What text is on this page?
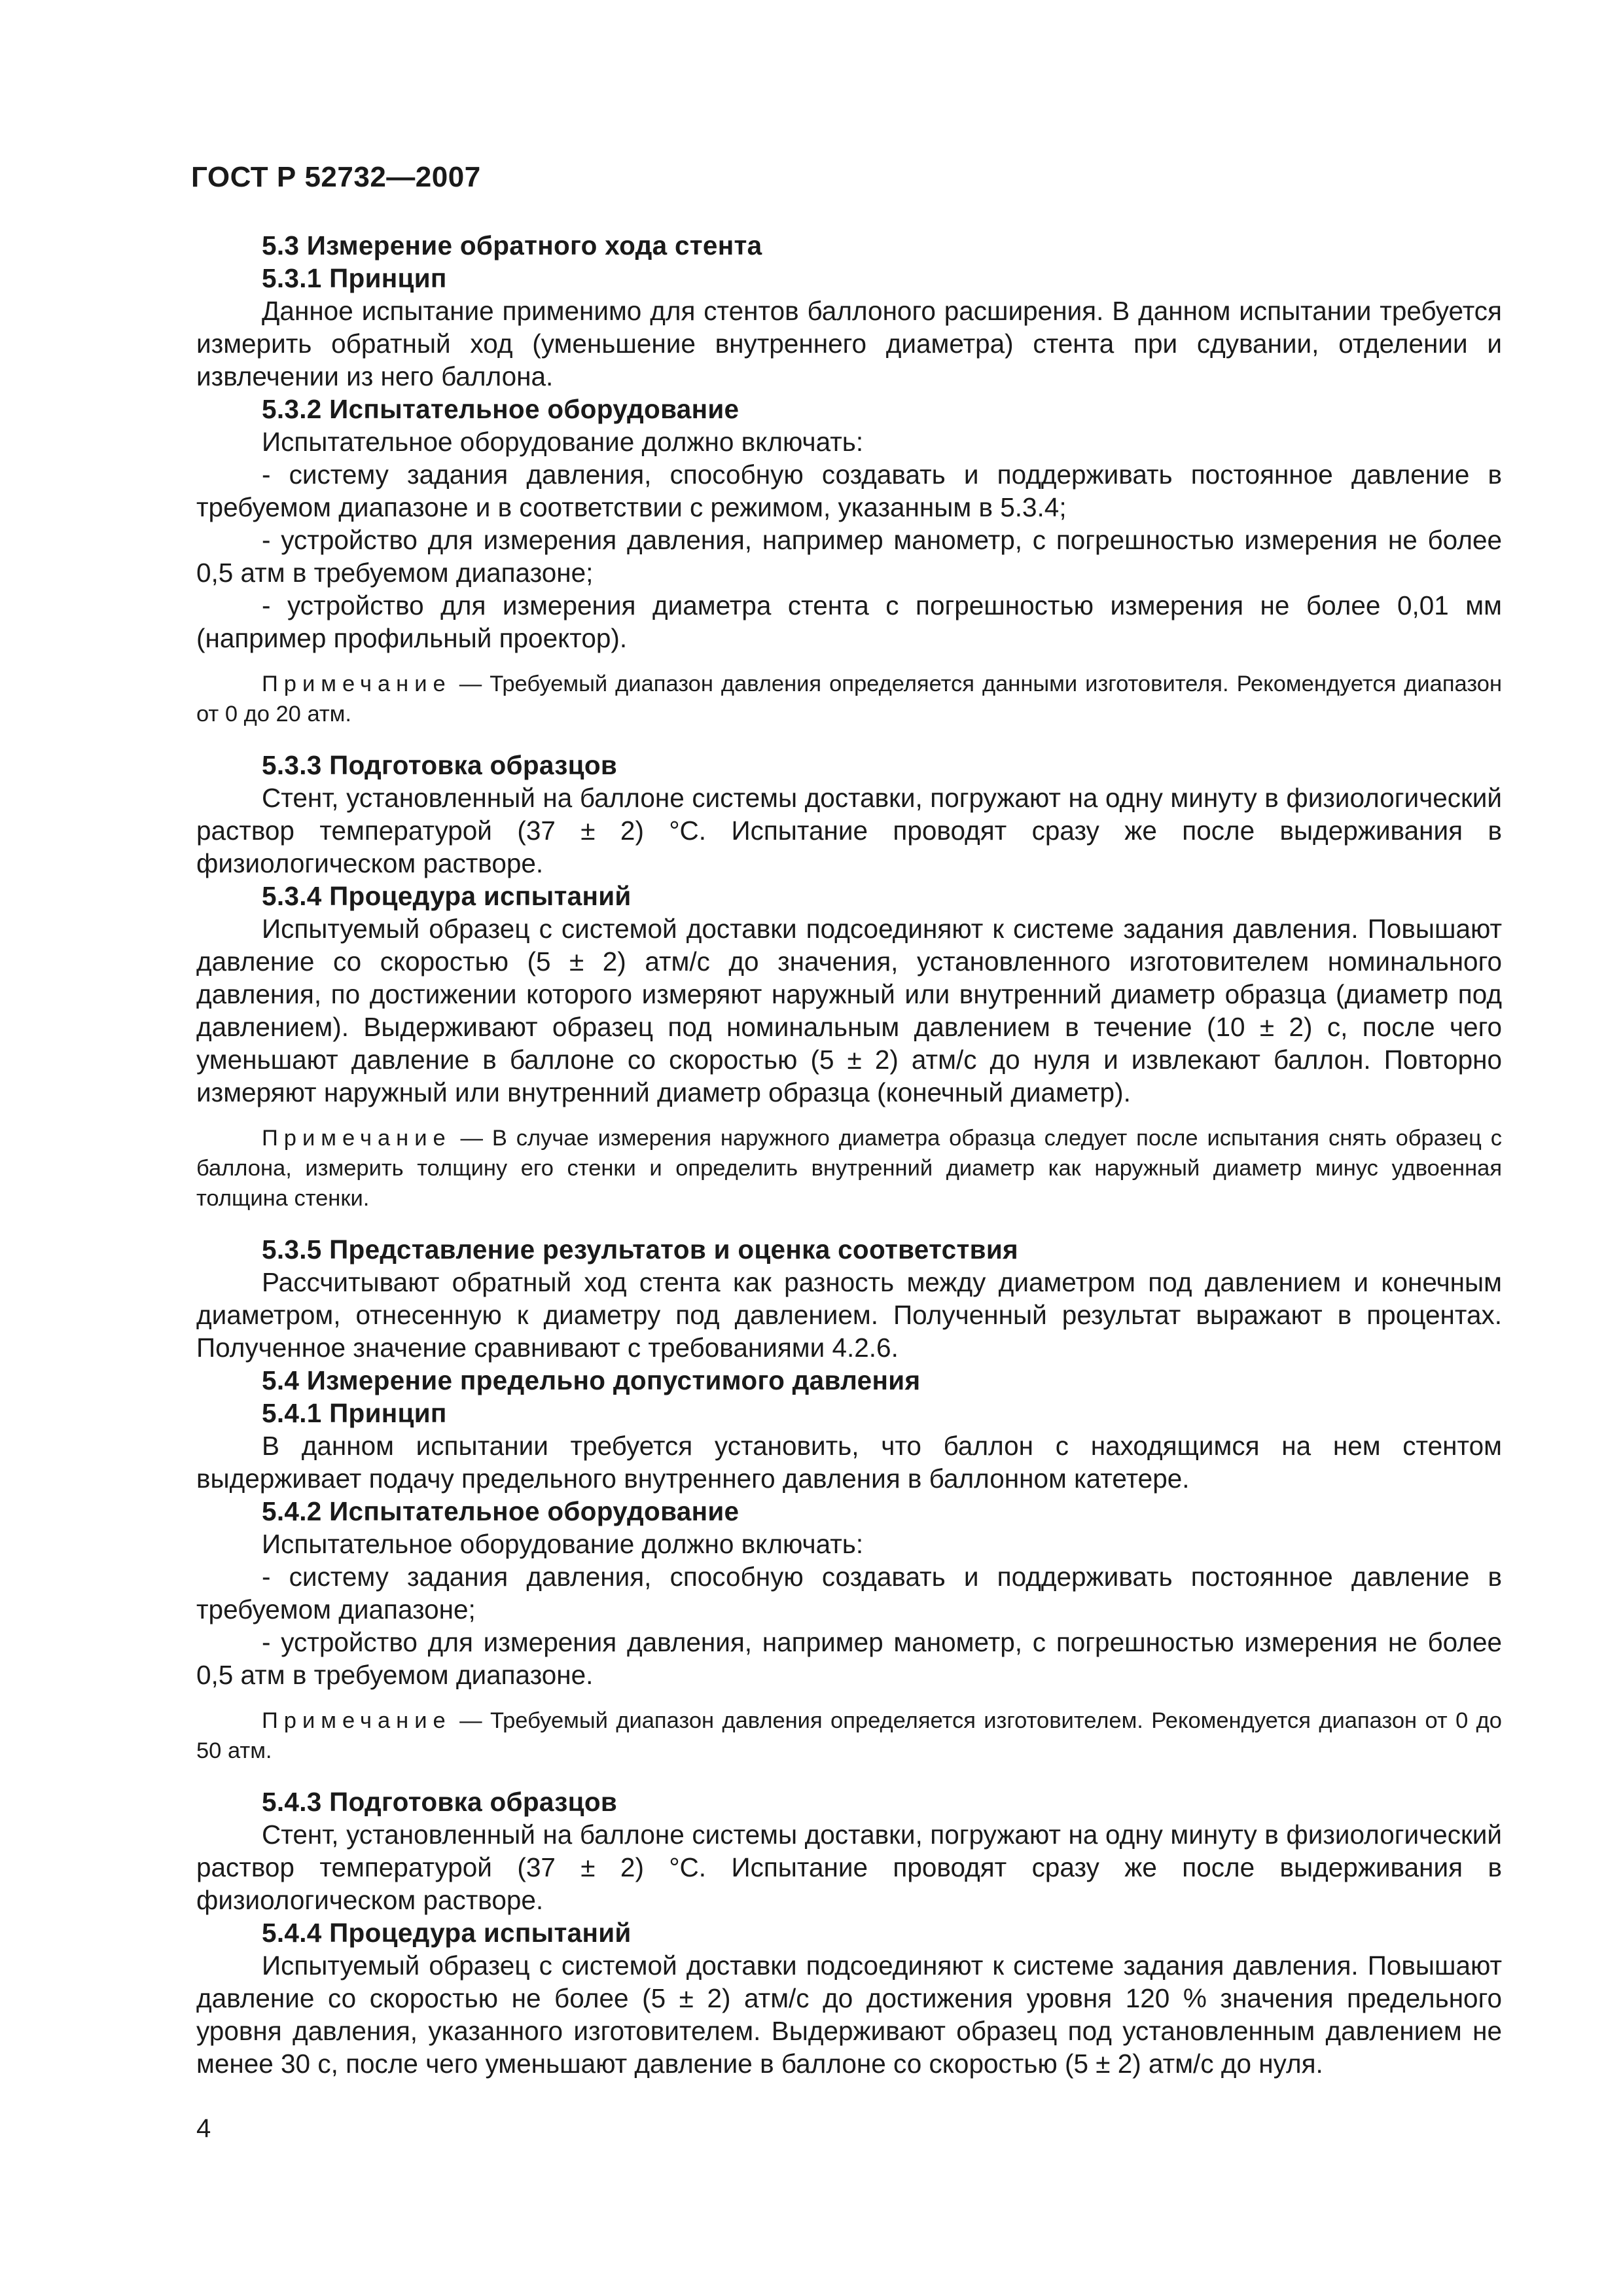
ГОСТ Р 52732—2007

5.3 Измерение обратного хода стента

5.3.1 Принцип

Данное испытание применимо для стентов баллоного расширения. В данном испытании требуется измерить обратный ход (уменьшение внутреннего диаметра) стента при сдувании, отделении и извлечении из него баллона.

5.3.2 Испытательное оборудование

Испытательное оборудование должно включать:

- систему задания давления, способную создавать и поддерживать постоянное давление в требуемом диапазоне и в соответствии с режимом, указанным в 5.3.4;

- устройство для измерения давления, например манометр, с погрешностью измерения не более 0,5 атм в требуемом диапазоне;

- устройство для измерения диаметра стента с погрешностью измерения не более 0,01 мм (например профильный проектор).

Примечание — Требуемый диапазон давления определяется данными изготовителя. Рекомендуется диапазон от 0 до 20 атм.

5.3.3 Подготовка образцов

Стент, установленный на баллоне системы доставки, погружают на одну минуту в физиологический раствор температурой (37 ± 2) °С. Испытание проводят сразу же после выдерживания в физиологическом растворе.

5.3.4 Процедура испытаний

Испытуемый образец с системой доставки подсоединяют к системе задания давления. Повышают давление со скоростью (5 ± 2) атм/с до значения, установленного изготовителем номинального давления, по достижении которого измеряют наружный или внутренний диаметр образца (диаметр под давлением). Выдерживают образец под номинальным давлением в течение (10 ± 2) с, после чего уменьшают давление в баллоне со скоростью (5 ± 2) атм/с до нуля и извлекают баллон. Повторно измеряют наружный или внутренний диаметр образца (конечный диаметр).

Примечание — В случае измерения наружного диаметра образца следует после испытания снять образец с баллона, измерить толщину его стенки и определить внутренний диаметр как наружный диаметр минус удвоенная толщина стенки.

5.3.5 Представление результатов и оценка соответствия

Рассчитывают обратный ход стента как разность между диаметром под давлением и конечным диаметром, отнесенную к диаметру под давлением. Полученный результат выражают в процентах. Полученное значение сравнивают с требованиями 4.2.6.

5.4 Измерение предельно допустимого давления

5.4.1 Принцип

В данном испытании требуется установить, что баллон с находящимся на нем стентом выдерживает подачу предельного внутреннего давления в баллонном катетере.

5.4.2 Испытательное оборудование

Испытательное оборудование должно включать:

- систему задания давления, способную создавать и поддерживать постоянное давление в требуемом диапазоне;

- устройство для измерения давления, например манометр, с погрешностью измерения не более 0,5 атм в требуемом диапазоне.

Примечание — Требуемый диапазон давления определяется изготовителем. Рекомендуется диапазон от 0 до 50 атм.

5.4.3 Подготовка образцов

Стент, установленный на баллоне системы доставки, погружают на одну минуту в физиологический раствор температурой (37 ± 2) °С. Испытание проводят сразу же после выдерживания в физиологическом растворе.

5.4.4 Процедура испытаний

Испытуемый образец с системой доставки подсоединяют к системе задания давления. Повышают давление со скоростью не более (5 ± 2) атм/с до достижения уровня 120 % значения предельного уровня давления, указанного изготовителем. Выдерживают образец под установленным давлением не менее 30 с, после чего уменьшают давление в баллоне со скоростью (5 ± 2) атм/с до нуля.

4
